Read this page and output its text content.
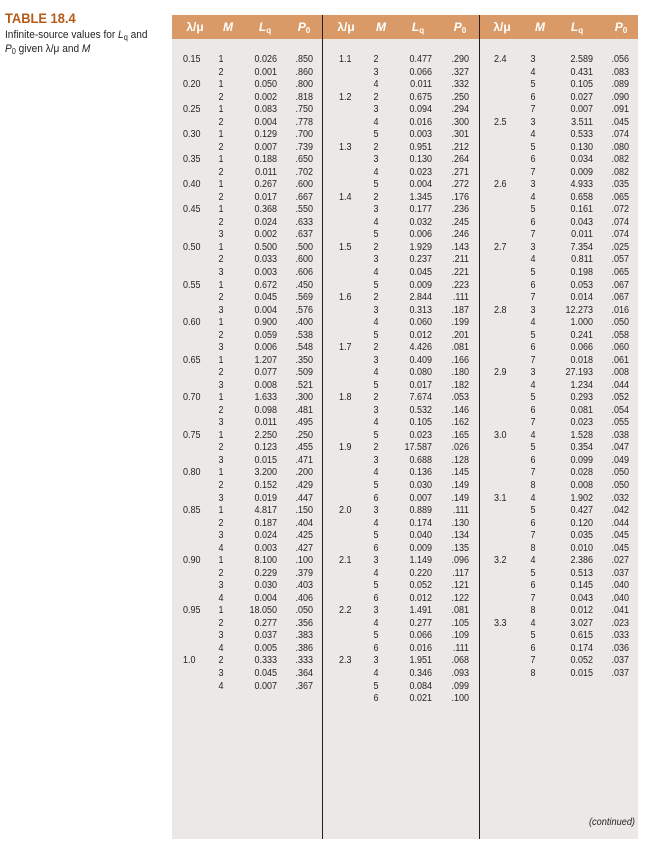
TABLE 18.4
Infinite-source values for $L_q$ and
$P_0$ given λ/μ and M
λ/μ	M	$L_q$	$P_0$	λ/μ	M	$L_q$	$P_0$	λ/μ	M	$L_q$	$P_0$
0.15 1	0.026	.850
2	0.001	.860
0.20 1	0.050	.800
2	0.002	.818
0.25 1	0.083	.750
2	0.004	.778
0.30 1	0.129	.700
2	0.007	.739
0.35 1	0.188	.650
2	0.011	.702
0.40 1	0.267	.600
2	0.017	.667
0.45 1	0.368	.550
2	0.024	.633
3	0.002	.637
0.50 1	0.500	.500
2	0.033	.600
3	0.003	.606
0.55 1	0.672	.450
2	0.045	.569
3	0.004	.576
0.60 1	0.900	.400
2	0.059	.538
3	0.006	.548
0.65 1	1.207	.350
2	0.077	.509
3	0.008	.521
0.70 1	1.633	.300
2	0.098	.481
3	0.011	.495
0.75 1	2.250	.250
2	0.123	.455
3	0.015	.471
0.80 1	3.200	.200
2	0.152	.429
3	0.019	.447
0.85 1	4.817	.150
2	0.187	.404
3	0.024	.425
4	0.003	.427
0.90 1	8.100	.100
2	0.229	.379
3	0.030	.403
4	0.004	.406
0.95 1	18.050	.050
2	0.277	.356
3	0.037	.383
4	0.005	.386
1.0 2	0.333	.333
3	0.045	.364
4	0.007	.367
1.1 2	0.477	.290
3	0.066	.327
4	0.011	.332
1.2 2	0.675	.250
3	0.094	.294
4	0.016	.300
5	0.003	.301
1.3 2	0.951	.212
3	0.130	.264
4	0.023	.271
5	0.004	.272
1.4 2	1.345	.176
3	0.177	.236
4	0.032	.245
5	0.006	.246
1.5 2	1.929	.143
3	0.237	.211
4	0.045	.221
5	0.009	.223
1.6 2	2.844	.111
3	0.313	.187
4	0.060	.199
5	0.012	.201
1.7 2	4.426	.081
3	0.409	.166
4	0.080	.180
5	0.017	.182
1.8 2	7.674	.053
3	0.532	.146
4	0.105	.162
5	0.023	.165
1.9 2	17.587	.026
3	0.688	.128
4	0.136	.145
5	0.030	.149
6	0.007	.149
2.0 3	0.889	.111
4	0.174	.130
5	0.040	.134
6	0.009	.135
2.1 3	1.149	.096
4	0.220	.117
5	0.052	.121
6	0.012	.122
2.2 3	1.491	.081
4	0.277	.105
5	0.066	.109
6	0.016	.111
2.3 3	1.951	.068
4	0.346	.093
5	0.084	.099
6	0.021	.100
2.4 3	2.589	.056
4	0.431	.083
5	0.105	.089
6	0.027	.090
7	0.007	.091
2.5 3	3.511	.045
4	0.533	.074
5	0.130	.080
6	0.034	.082
7	0.009	.082
2.6 3	4.933	.035
4	0.658	.065
5	0.161	.072
6	0.043	.074
7	0.011	.074
2.7 3	7.354	.025
4	0.811	.057
5	0.198	.065
6	0.053	.067
7	0.014	.067
2.8 3	12.273	.016
4	1.000	.050
5	0.241	.058
6	0.066	.060
7	0.018	.061
2.9 3	27.193	.008
4	1.234	.044
5	0.293	.052
6	0.081	.054
7	0.023	.055
3.0 4	1.528	.038
5	0.354	.047
6	0.099	.049
7	0.028	.050
8	0.008	.050
3.1 4	1.902	.032
5	0.427	.042
6	0.120	.044
7	0.035	.045
8	0.010	.045
3.2 4	2.386	.027
5	0.513	.037
6	0.145	.040
7	0.043	.040
8	0.012	.041
3.3 4	3.027	.023
5	0.615	.033
6	0.174	.036
7	0.052	.037
8	0.015	.037
(continued)
